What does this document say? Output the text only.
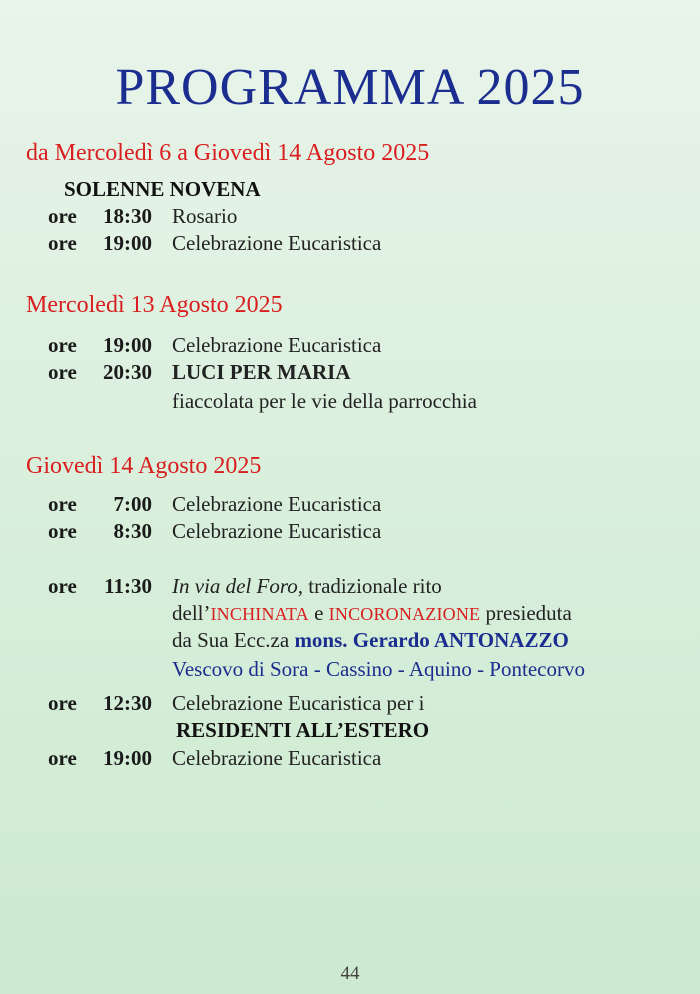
PROGRAMMA 2025
da Mercoledì 6 a Giovedì 14 Agosto 2025
SOLENNE NOVENA
ore 18:30 Rosario
ore 19:00 Celebrazione Eucaristica
Mercoledì 13 Agosto 2025
ore 19:00 Celebrazione Eucaristica
ore 20:30 LUCI PER MARIA
fiaccolata per le vie della parrocchia
Giovedì 14 Agosto 2025
ore 7:00 Celebrazione Eucaristica
ore 8:30 Celebrazione Eucaristica
ore 11:30 In via del Foro, tradizionale rito
dell’INCHINATA e INCORONAZIONE presieduta
da Sua Ecc.za mons. Gerardo ANTONAZZO
Vescovo di Sora - Cassino - Aquino - Pontecorvo
ore 12:30 Celebrazione Eucaristica per i
RESIDENTI ALL’ESTERO
ore 19:00 Celebrazione Eucaristica
44
